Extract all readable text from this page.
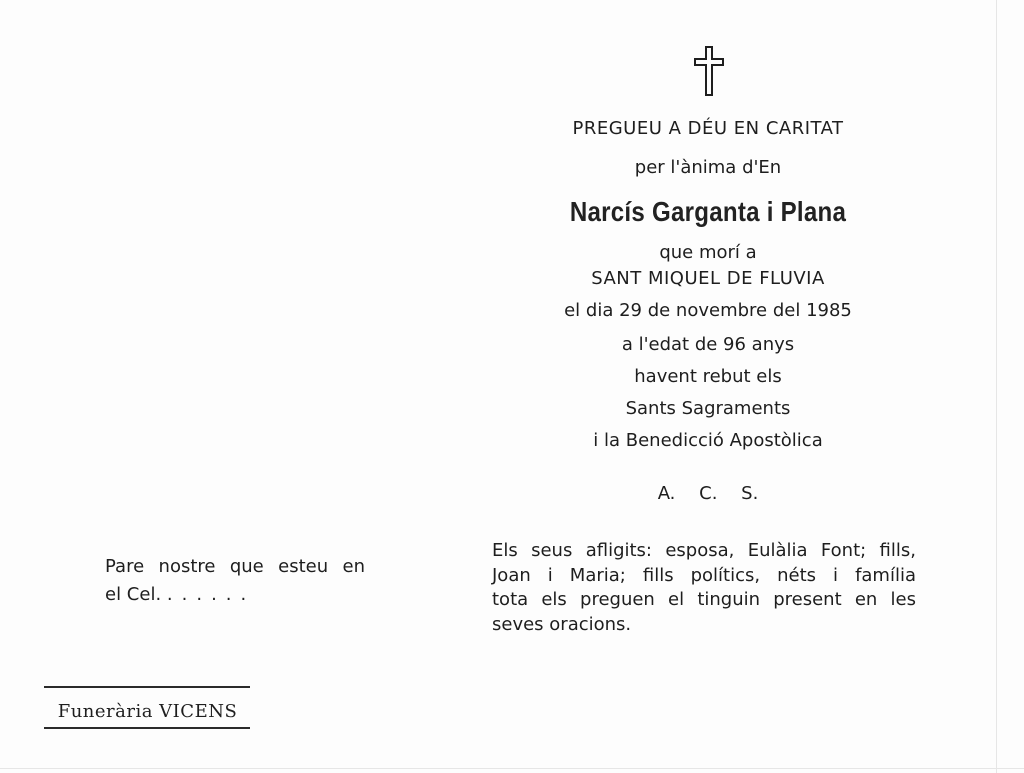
PREGUEU A DÉU EN CARITAT
per l'ànima d'En
Narcís Garganta i Plana
que morí a
SANT MIQUEL DE FLUVIA
el dia 29 de novembre del 1985
a l'edat de 96 anys
havent rebut els
Sants Sagraments
i la Benedicció Apostòlica
A. C. S.
Els seus afligits: esposa, Eulàlia Font; fills,
Joan i Maria; fills polítics, néts i família
tota els preguen el tinguin present en les
seves oracions.
Pare nostre que esteu en
el Cel. ......
Funerària VICENS
